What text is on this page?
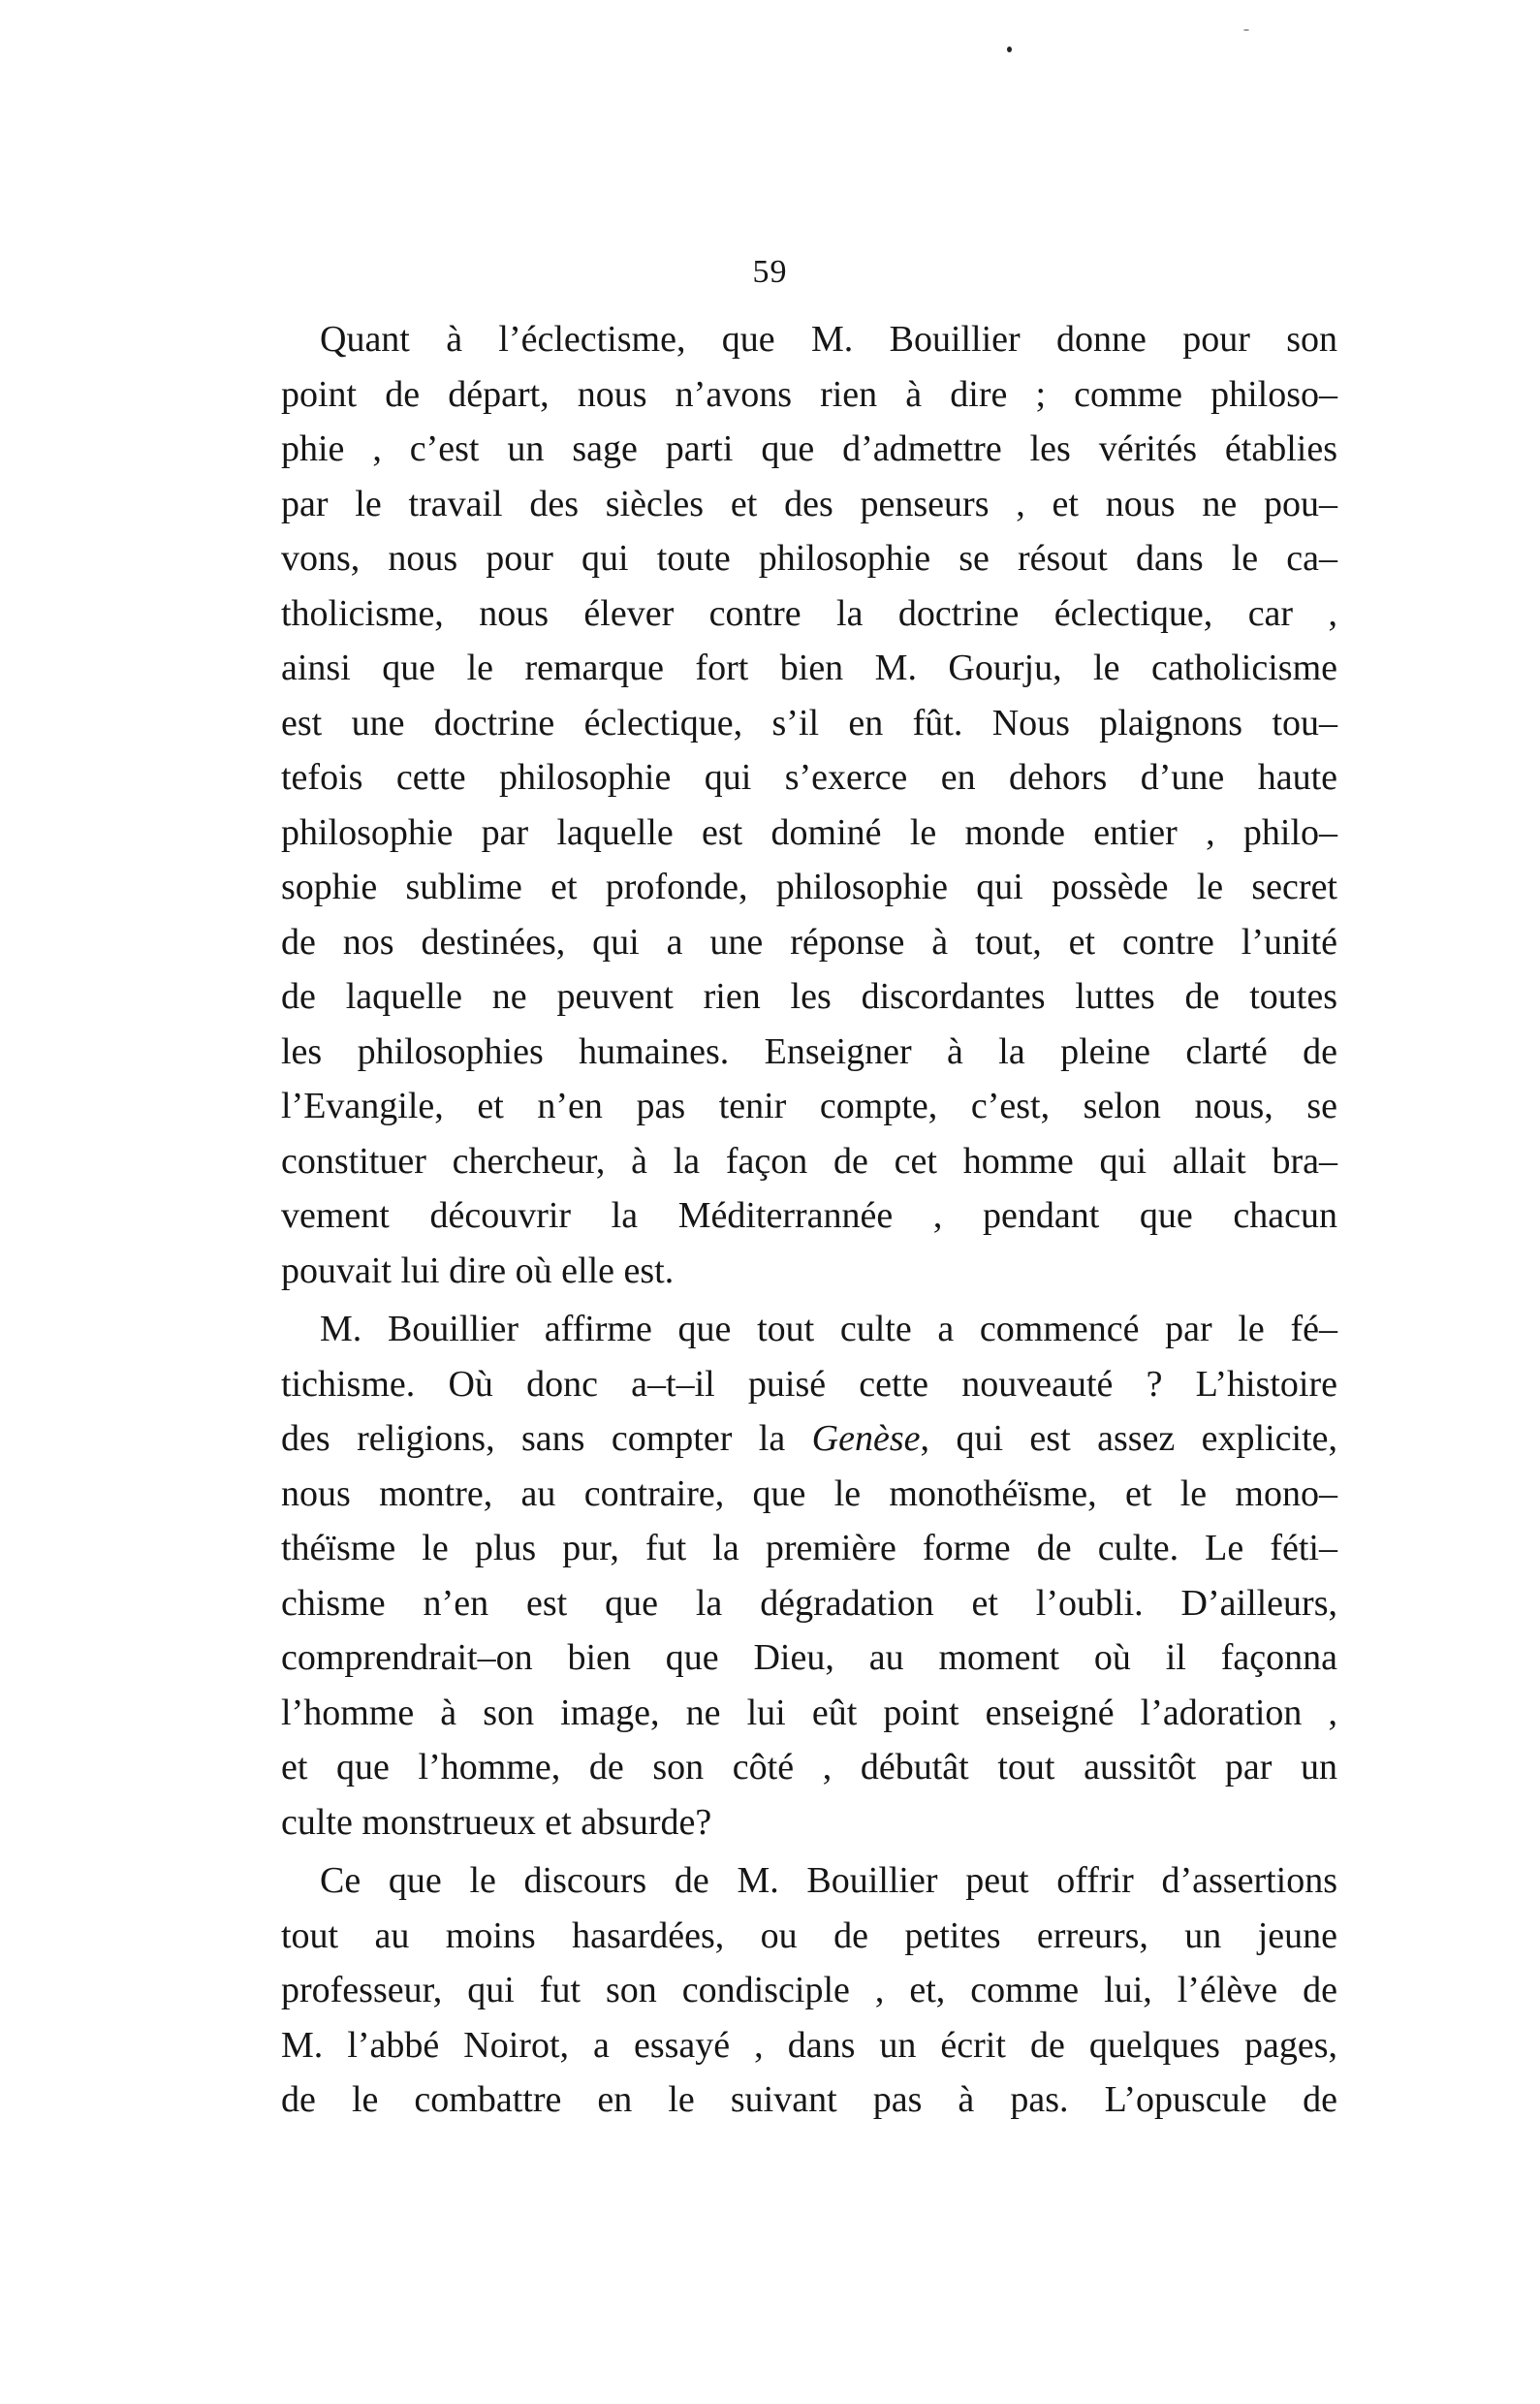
59
Quant à l’éclectisme, que M. Bouillier donne pour son
point de départ, nous n’avons rien à dire ; comme philoso–
phie , c’est un sage parti que d’admettre les vérités établies
par le travail des siècles et des penseurs , et nous ne pou–
vons, nous pour qui toute philosophie se résout dans le ca–
tholicisme, nous élever contre la doctrine éclectique, car ,
ainsi que le remarque fort bien M. Gourju, le catholicisme
est une doctrine éclectique, s’il en fût. Nous plaignons tou–
tefois cette philosophie qui s’exerce en dehors d’une haute
philosophie par laquelle est dominé le monde entier , philo–
sophie sublime et profonde, philosophie qui possède le secret
de nos destinées, qui a une réponse à tout, et contre l’unité
de laquelle ne peuvent rien les discordantes luttes de toutes
les philosophies humaines. Enseigner à la pleine clarté de
l’Evangile, et n’en pas tenir compte, c’est, selon nous, se
constituer chercheur, à la façon de cet homme qui allait bra–
vement découvrir la Méditerrannée , pendant que chacun
pouvait lui dire où elle est.
M. Bouillier affirme que tout culte a commencé par le fé–
tichisme. Où donc a–t–il puisé cette nouveauté ? L’histoire
des religions, sans compter la Genèse, qui est assez explicite,
nous montre, au contraire, que le monothéïsme, et le mono–
théïsme le plus pur, fut la première forme de culte. Le féti–
chisme n’en est que la dégradation et l’oubli. D’ailleurs,
comprendrait–on bien que Dieu, au moment où il façonna
l’homme à son image, ne lui eût point enseigné l’adoration ,
et que l’homme, de son côté , débutât tout aussitôt par un
culte monstrueux et absurde?
Ce que le discours de M. Bouillier peut offrir d’assertions
tout au moins hasardées, ou de petites erreurs, un jeune
professeur, qui fut son condisciple , et, comme lui, l’élève de
M. l’abbé Noirot, a essayé , dans un écrit de quelques pages,
de le combattre en le suivant pas à pas. L’opuscule de
